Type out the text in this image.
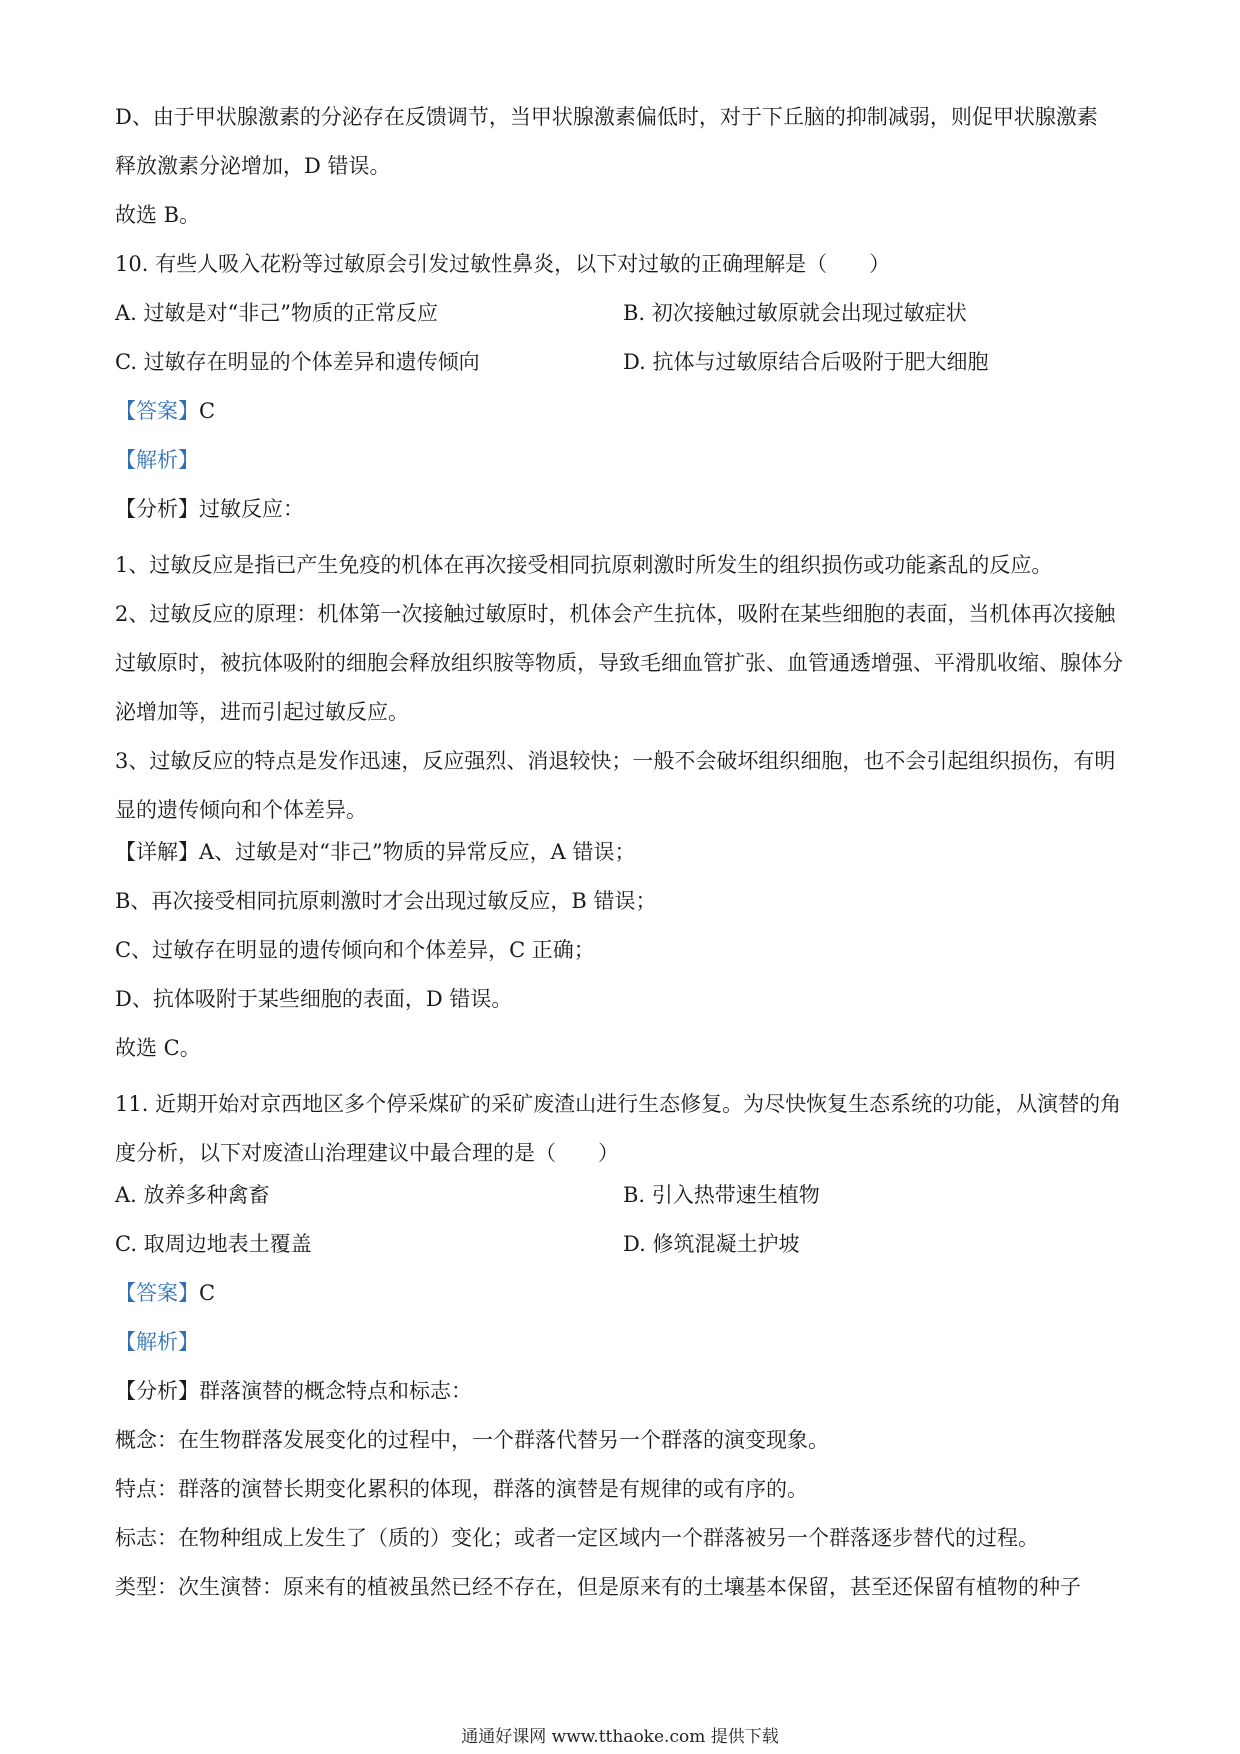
D、由于甲状腺激素的分泌存在反馈调节，当甲状腺激素偏低时，对于下丘脑的抑制减弱，则促甲状腺激素
释放激素分泌增加，D 错误。
故选 B。
10. 有些人吸入花粉等过敏原会引发过敏性鼻炎，以下对过敏的正确理解是（　　）
A. 过敏是对“非己”物质的正常反应	B. 初次接触过敏原就会出现过敏症状
C. 过敏存在明显的个体差异和遗传倾向	D. 抗体与过敏原结合后吸附于肥大细胞
【答案】C
【解析】
【分析】过敏反应：
1、过敏反应是指已产生免疫的机体在再次接受相同抗原刺激时所发生的组织损伤或功能紊乱的反应。
2、过敏反应的原理：机体第一次接触过敏原时，机体会产生抗体，吸附在某些细胞的表面，当机体再次接触过敏原时，被抗体吸附的细胞会释放组织胺等物质，导致毛细血管扩张、血管通透增强、平滑肌收缩、腺体分泌增加等，进而引起过敏反应。
3、过敏反应的特点是发作迅速，反应强烈、消退较快；一般不会破坏组织细胞，也不会引起组织损伤，有明显的遗传倾向和个体差异。
【详解】A、过敏是对“非己”物质的异常反应，A 错误；
B、再次接受相同抗原刺激时才会出现过敏反应，B 错误；
C、过敏存在明显的遗传倾向和个体差异，C 正确；
D、抗体吸附于某些细胞的表面，D 错误。
故选 C。
11. 近期开始对京西地区多个停采煤矿的采矿废渣山进行生态修复。为尽快恢复生态系统的功能，从演替的角度分析，以下对废渣山治理建议中最合理的是（　　）
A. 放养多种禽畜	B. 引入热带速生植物
C. 取周边地表土覆盖	D. 修筑混凝土护坡
【答案】C
【解析】
【分析】群落演替的概念特点和标志：
概念：在生物群落发展变化的过程中，一个群落代替另一个群落的演变现象。
特点：群落的演替长期变化累积的体现，群落的演替是有规律的或有序的。
标志：在物种组成上发生了（质的）变化；或者一定区域内一个群落被另一个群落逐步替代的过程。
类型：次生演替：原来有的植被虽然已经不存在，但是原来有的土壤基本保留，甚至还保留有植物的种子
通通好课网 www.tthaoke.com 提供下载
